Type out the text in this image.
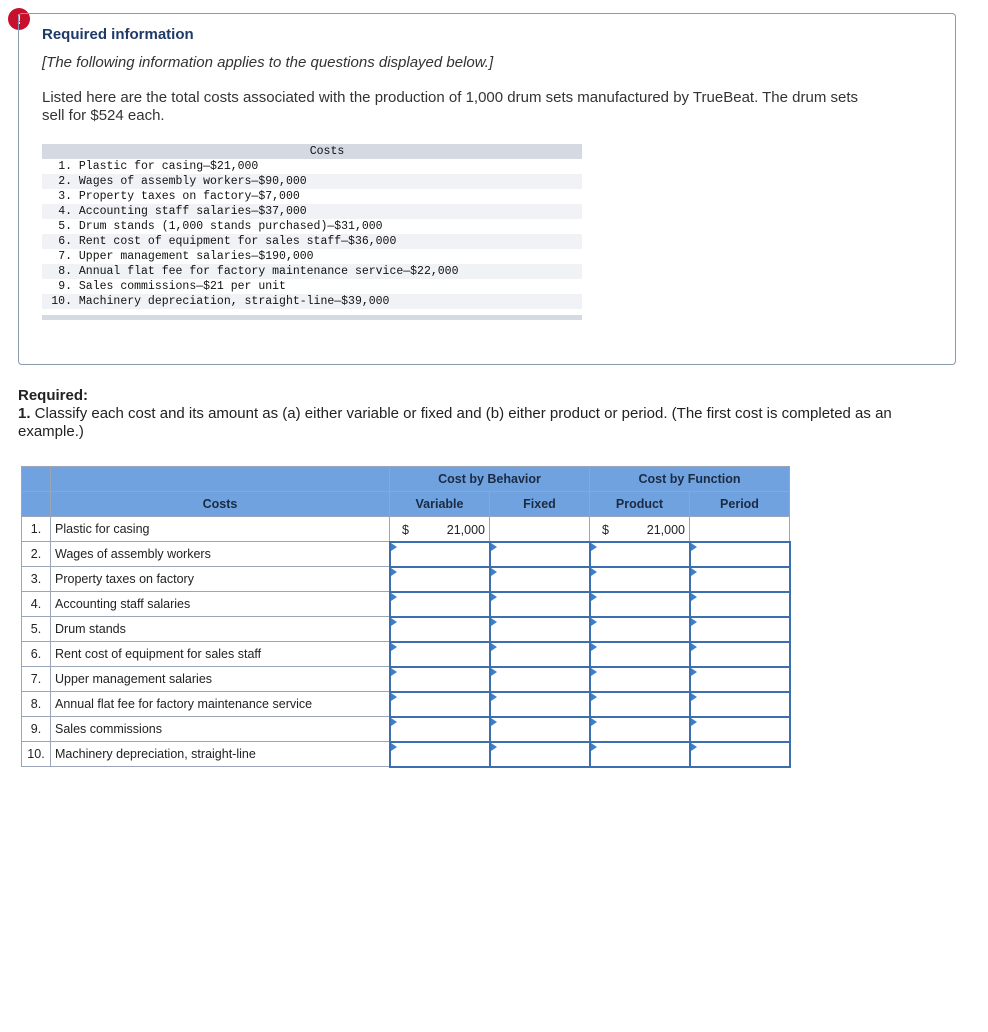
!
Required information
[The following information applies to the questions displayed below.]
Listed here are the total costs associated with the production of 1,000 drum sets manufactured by TrueBeat. The drum sets sell for $524 each.
Costs
1. Plastic for casing—$21,000
2. Wages of assembly workers—$90,000
3. Property taxes on factory—$7,000
4. Accounting staff salaries—$37,000
5. Drum stands (1,000 stands purchased)—$31,000
6. Rent cost of equipment for sales staff—$36,000
7. Upper management salaries—$190,000
8. Annual flat fee for factory maintenance service—$22,000
9. Sales commissions—$21 per unit
10. Machinery depreciation, straight-line—$39,000
Required:
1. Classify each cost and its amount as (a) either variable or fixed and (b) either product or period. (The first cost is completed as an example.)
		Cost by Behavior		Cost by Function	
	Costs	Variable	Fixed	Product	Period
1.	Plastic for casing	$ 21,000		$ 21,000	

2.	Wages of assembly workers	

3.	Property taxes on factory	

4.	Accounting staff salaries	

5.	Drum stands	

6.	Rent cost of equipment for sales staff	

7.	Upper management salaries	

8.	Annual flat fee for factory maintenance service	

9.	Sales commissions	

10.	Machinery depreciation, straight-line	
